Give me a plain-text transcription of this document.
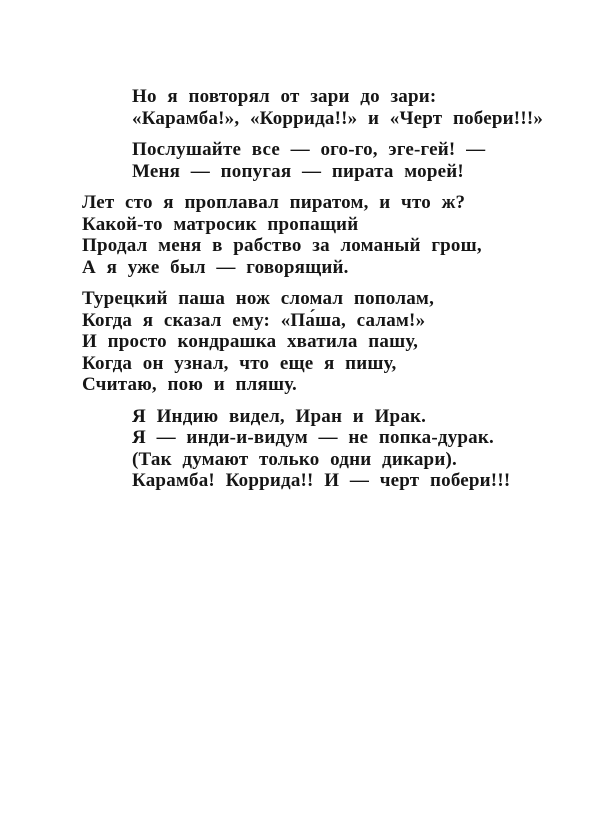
Но я повторял от зари до зари:
«Карамба!», «Коррида!!» и «Черт побери!!!»
Послушайте все — ого-го, эге-гей! —
Меня — попугая — пирата морей!
Лет сто я проплавал пиратом, и что ж?
Какой-то матросик пропащий
Продал меня в рабство за ломаный грош,
А я уже был — говорящий.
Турецкий паша нож сломал пополам,
Когда я сказал ему: «Па́ша, салам!»
И просто кондрашка хватила пашу,
Когда он узнал, что еще я пишу,
Считаю, пою и пляшу.
Я Индию видел, Иран и Ирак.
Я — инди-и-видум — не попка-дурак.
(Так думают только одни дикари).
Карамба! Коррида!! И — черт побери!!!
